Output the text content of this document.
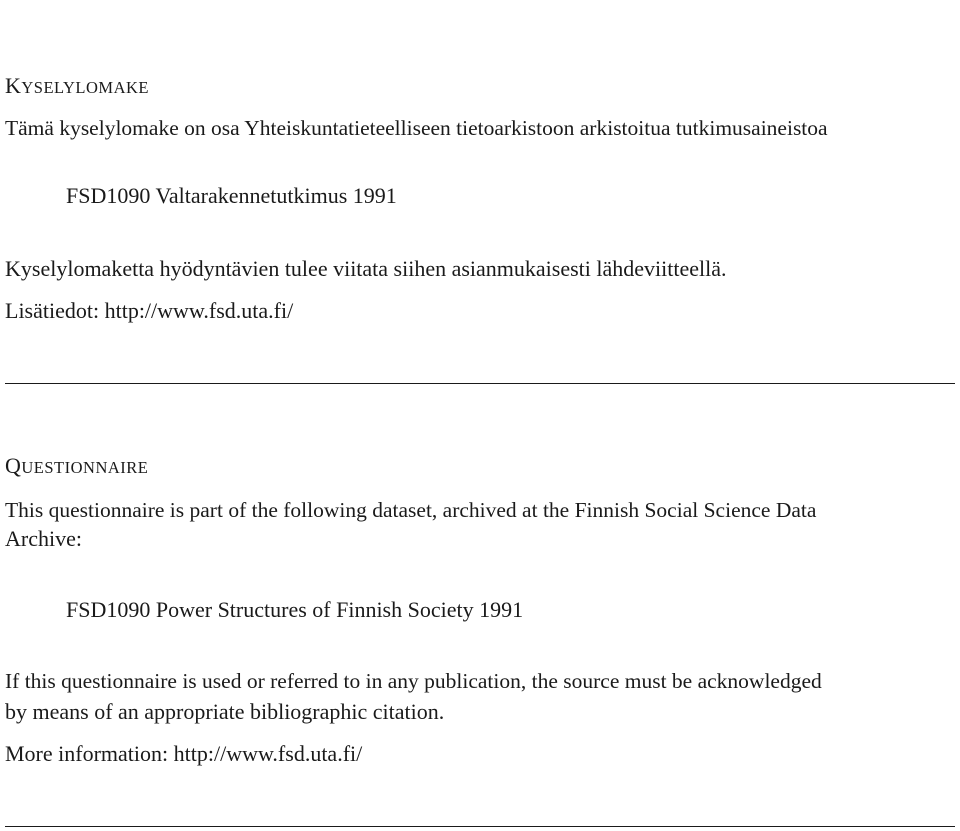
KYSELYLOMAKE
Tämä kyselylomake on osa Yhteiskuntatieteelliseen tietoarkistoon arkistoitua tutkimusaineistoa
FSD1090 Valtarakennetutkimus 1991
Kyselylomaketta hyödyntävien tulee viitata siihen asianmukaisesti lähdeviitteellä.
Lisätiedot: http://www.fsd.uta.fi/
QUESTIONNAIRE
This questionnaire is part of the following dataset, archived at the Finnish Social Science Data
Archive:
FSD1090 Power Structures of Finnish Society 1991
If this questionnaire is used or referred to in any publication, the source must be acknowledged
by means of an appropriate bibliographic citation.
More information: http://www.fsd.uta.fi/
